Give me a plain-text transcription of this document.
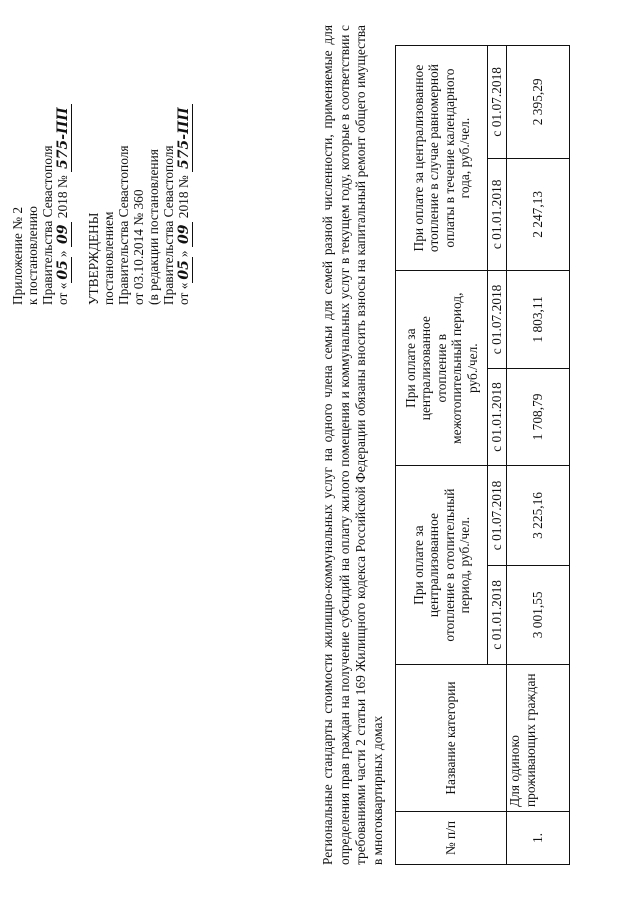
Приложение № 2 к постановлению Правительства Севастополя от «05» 09 2018 № 575-ПП
УТВЕРЖДЕНЫ постановлением Правительства Севастополя от 03.10.2014 № 360 (в редакции постановления Правительства Севастополя от «05» 09 2018 № 575-ПП	Региональные стандарты стоимости жилищно-коммунальных услуг на одного члена семьи для семей разной численности, применяемые для определения прав граждан на получение субсидий на оплату жилого помещения и коммунальных услуг в текущем году, которые в соответствии с требованиями части 2 статьи 169 Жилищного кодекса Российской Федерации обязаны вносить взносы на капитальный ремонт общего имущества в многоквартирных домах	№ п/п	Название категории	При оплате за централизованное отопление в отопительный период, руб./чел.		При оплате за централизованное отопление в межотопительный период, руб./чел.		При оплате за централизованное отопление в случае равномерной оплаты в течение календарного года, руб./чел.	
		с 01.01.2018	с 01.07.2018	с 01.01.2018	с 01.07.2018	с 01.01.2018	с 01.07.2018
1.	Для одиноко проживающих граждан	3 001,55	3 225,16	1 708,79	1 803,11	2 247,13	2 395,29
